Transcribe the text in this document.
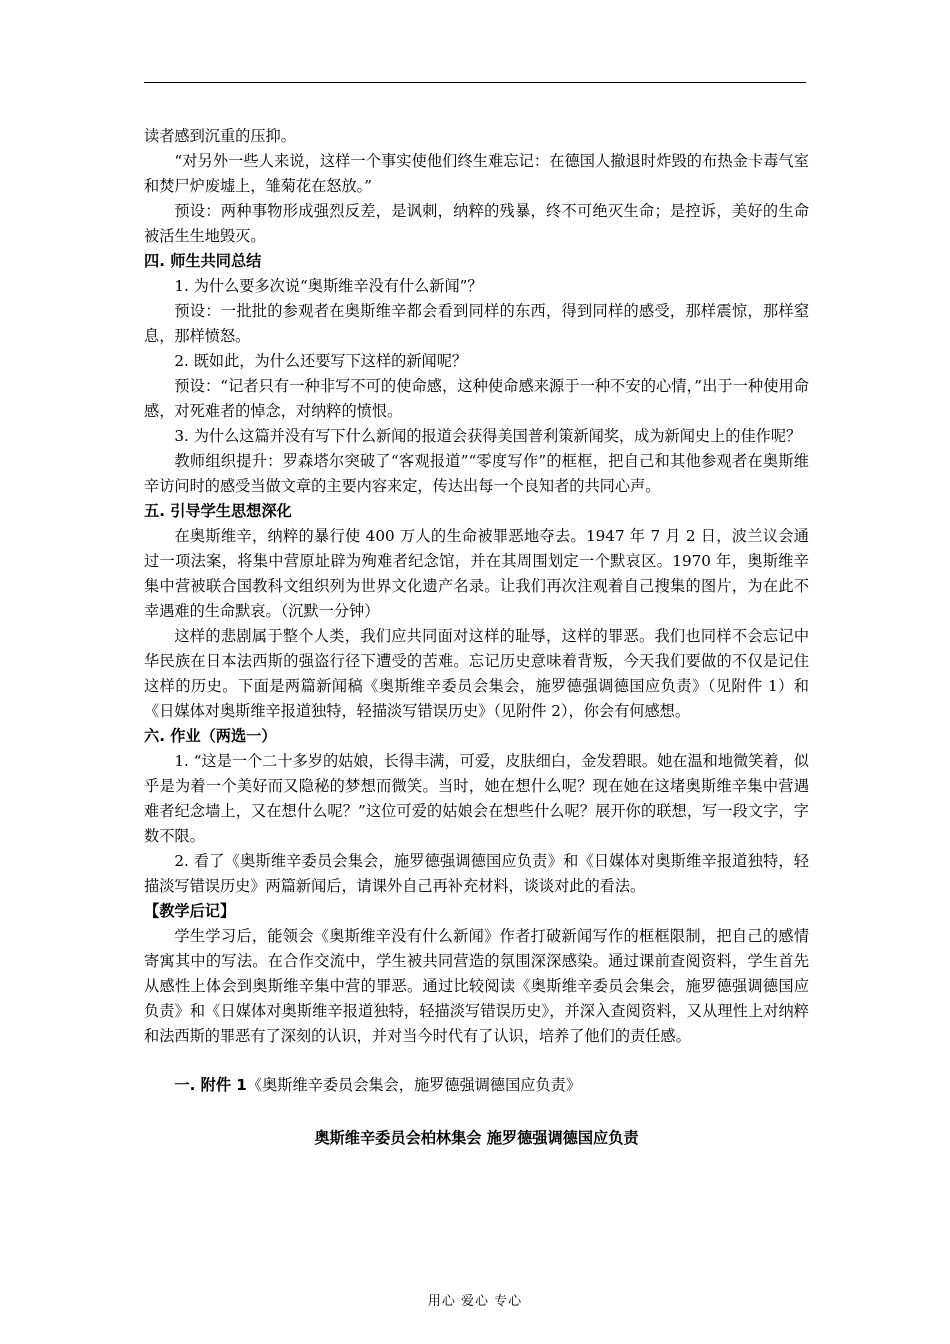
读者感到沉重的压抑。

“对另外一些人来说，这样一个事实使他们终生难忘记：在德国人撤退时炸毁的布热金卡毒气室和焚尸炉废墟上，雏菊花在怒放。”

预设：两种事物形成强烈反差，是讽刺，纳粹的残暴，终不可绝灭生命；是控诉，美好的生命被活生生地毁灭。

四. 师生共同总结

1. 为什么要多次说“奥斯维辛没有什么新闻”？

预设：一批批的参观者在奥斯维辛都会看到同样的东西，得到同样的感受，那样震惊，那样窒息，那样愤怒。

2. 既如此，为什么还要写下这样的新闻呢？

预设：“记者只有一种非写不可的使命感，这种使命感来源于一种不安的心情，”出于一种使用命感，对死难者的悼念，对纳粹的愤恨。

3. 为什么这篇并没有写下什么新闻的报道会获得美国普利策新闻奖，成为新闻史上的佳作呢？

教师组织提升：罗森塔尔突破了“客观报道”“零度写作”的框框，把自己和其他参观者在奥斯维辛访问时的感受当做文章的主要内容来定，传达出每一个良知者的共同心声。

五. 引导学生思想深化

在奥斯维辛，纳粹的暴行使 400 万人的生命被罪恶地夺去。1947 年 7 月 2 日，波兰议会通过一项法案，将集中营原址辟为殉难者纪念馆，并在其周围划定一个默哀区。1970 年，奥斯维辛集中营被联合国教科文组织列为世界文化遗产名录。让我们再次注观着自己搜集的图片，为在此不幸遇难的生命默哀。（沉默一分钟）

这样的悲剧属于整个人类，我们应共同面对这样的耻辱，这样的罪恶。我们也同样不会忘记中华民族在日本法西斯的强盗行径下遭受的苦难。忘记历史意味着背叛，今天我们要做的不仅是记住这样的历史。下面是两篇新闻稿《奥斯维辛委员会集会，施罗德强调德国应负责》（见附件 1）和《日媒体对奥斯维辛报道独特，轻描淡写错误历史》（见附件 2），你会有何感想。

六. 作业（两选一）

1. “这是一个二十多岁的姑娘，长得丰满，可爱，皮肤细白，金发碧眼。她在温和地微笑着，似乎是为着一个美好而又隐秘的梦想而微笑。当时，她在想什么呢？现在她在这堵奥斯维辛集中营遇难者纪念墙上，又在想什么呢？”这位可爱的姑娘会在想些什么呢？展开你的联想，写一段文字，字数不限。

2. 看了《奥斯维辛委员会集会，施罗德强调德国应负责》和《日媒体对奥斯维辛报道独特，轻描淡写错误历史》两篇新闻后，请课外自己再补充材料，谈谈对此的看法。

【教学后记】

学生学习后，能领会《奥斯维辛没有什么新闻》作者打破新闻写作的框框限制，把自己的感情寄寓其中的写法。在合作交流中，学生被共同营造的氛围深深感染。通过课前查阅资料，学生首先从感性上体会到奥斯维辛集中营的罪恶。通过比较阅读《奥斯维辛委员会集会，施罗德强调德国应负责》和《日媒体对奥斯维辛报道独特，轻描淡写错误历史》，并深入查阅资料，又从理性上对纳粹和法西斯的罪恶有了深刻的认识，并对当今时代有了认识，培养了他们的责任感。

一. 附件 1《奥斯维辛委员会集会，施罗德强调德国应负责》

奥斯维辛委员会柏林集会 施罗德强调德国应负责

用心 爱心 专心
